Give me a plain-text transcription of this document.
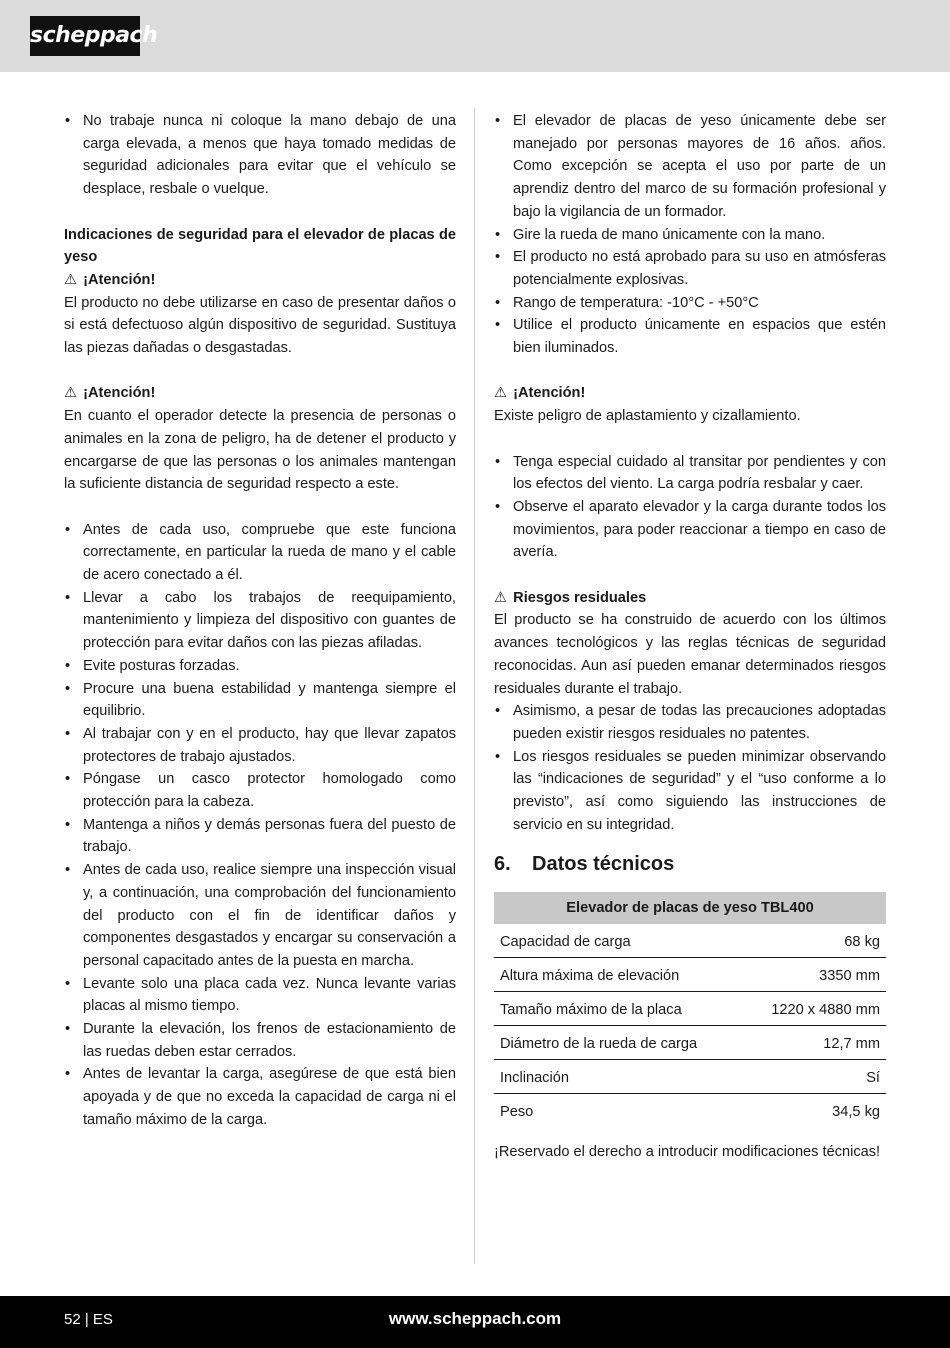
scheppach
• No trabaje nunca ni coloque la mano debajo de una carga elevada, a menos que haya tomado medidas de seguridad adicionales para evitar que el vehículo se desplace, resbale o vuelque.

Indicaciones de seguridad para el elevador de placas de yeso

⚠ ¡Atención!

El producto no debe utilizarse en caso de presentar daños o si está defectuoso algún dispositivo de seguridad. Sustituya las piezas dañadas o desgastadas.

⚠ ¡Atención!

En cuanto el operador detecte la presencia de personas o animales en la zona de peligro, ha de detener el producto y encargarse de que las personas o los animales mantengan la suficiente distancia de seguridad respecto a este.

• Antes de cada uso, compruebe que este funciona correctamente, en particular la rueda de mano y el cable de acero conectado a él.
• Llevar a cabo los trabajos de reequipamiento, mantenimiento y limpieza del dispositivo con guantes de protección para evitar daños con las piezas afiladas.
• Evite posturas forzadas.
• Procure una buena estabilidad y mantenga siempre el equilibrio.
• Al trabajar con y en el producto, hay que llevar zapatos protectores de trabajo ajustados.
• Póngase un casco protector homologado como protección para la cabeza.
• Mantenga a niños y demás personas fuera del puesto de trabajo.
• Antes de cada uso, realice siempre una inspección visual y, a continuación, una comprobación del funcionamiento del producto con el fin de identificar daños y componentes desgastados y encargar su conservación a personal capacitado antes de la puesta en marcha.
• Levante solo una placa cada vez. Nunca levante varias placas al mismo tiempo.
• Durante la elevación, los frenos de estacionamiento de las ruedas deben estar cerrados.
• Antes de levantar la carga, asegúrese de que está bien apoyada y de que no exceda la capacidad de carga ni el tamaño máximo de la carga.
• El elevador de placas de yeso únicamente debe ser manejado por personas mayores de 16 años. años. Como excepción se acepta el uso por parte de un aprendiz dentro del marco de su formación profesional y bajo la vigilancia de un formador.
• Gire la rueda de mano únicamente con la mano.
• El producto no está aprobado para su uso en atmósferas potencialmente explosivas.
• Rango de temperatura: -10°C - +50°C
• Utilice el producto únicamente en espacios que estén bien iluminados.

⚠ ¡Atención!

Existe peligro de aplastamiento y cizallamiento.

• Tenga especial cuidado al transitar por pendientes y con los efectos del viento. La carga podría resbalar y caer.
• Observe el aparato elevador y la carga durante todos los movimientos, para poder reaccionar a tiempo en caso de avería.

⚠ Riesgos residuales

El producto se ha construido de acuerdo con los últimos avances tecnológicos y las reglas técnicas de seguridad reconocidas. Aun así pueden emanar determinados riesgos residuales durante el trabajo.

• Asimismo, a pesar de todas las precauciones adoptadas pueden existir riesgos residuales no patentes.
• Los riesgos residuales se pueden minimizar observando las “indicaciones de seguridad” y el “uso conforme a lo previsto”, así como siguiendo las instrucciones de servicio en su integridad.
6. Datos técnicos
Elevador de placas de yeso TBL400	
Capacidad de carga	68 kg
Altura máxima de elevación	3350 mm
Tamaño máximo de la placa	1220 x 4880 mm
Diámetro de la rueda de carga	12,7 mm
Inclinación	Sí
Peso	34,5 kg

¡Reservado el derecho a introducir modificaciones técnicas!

52 | ES	www.scheppach.com
